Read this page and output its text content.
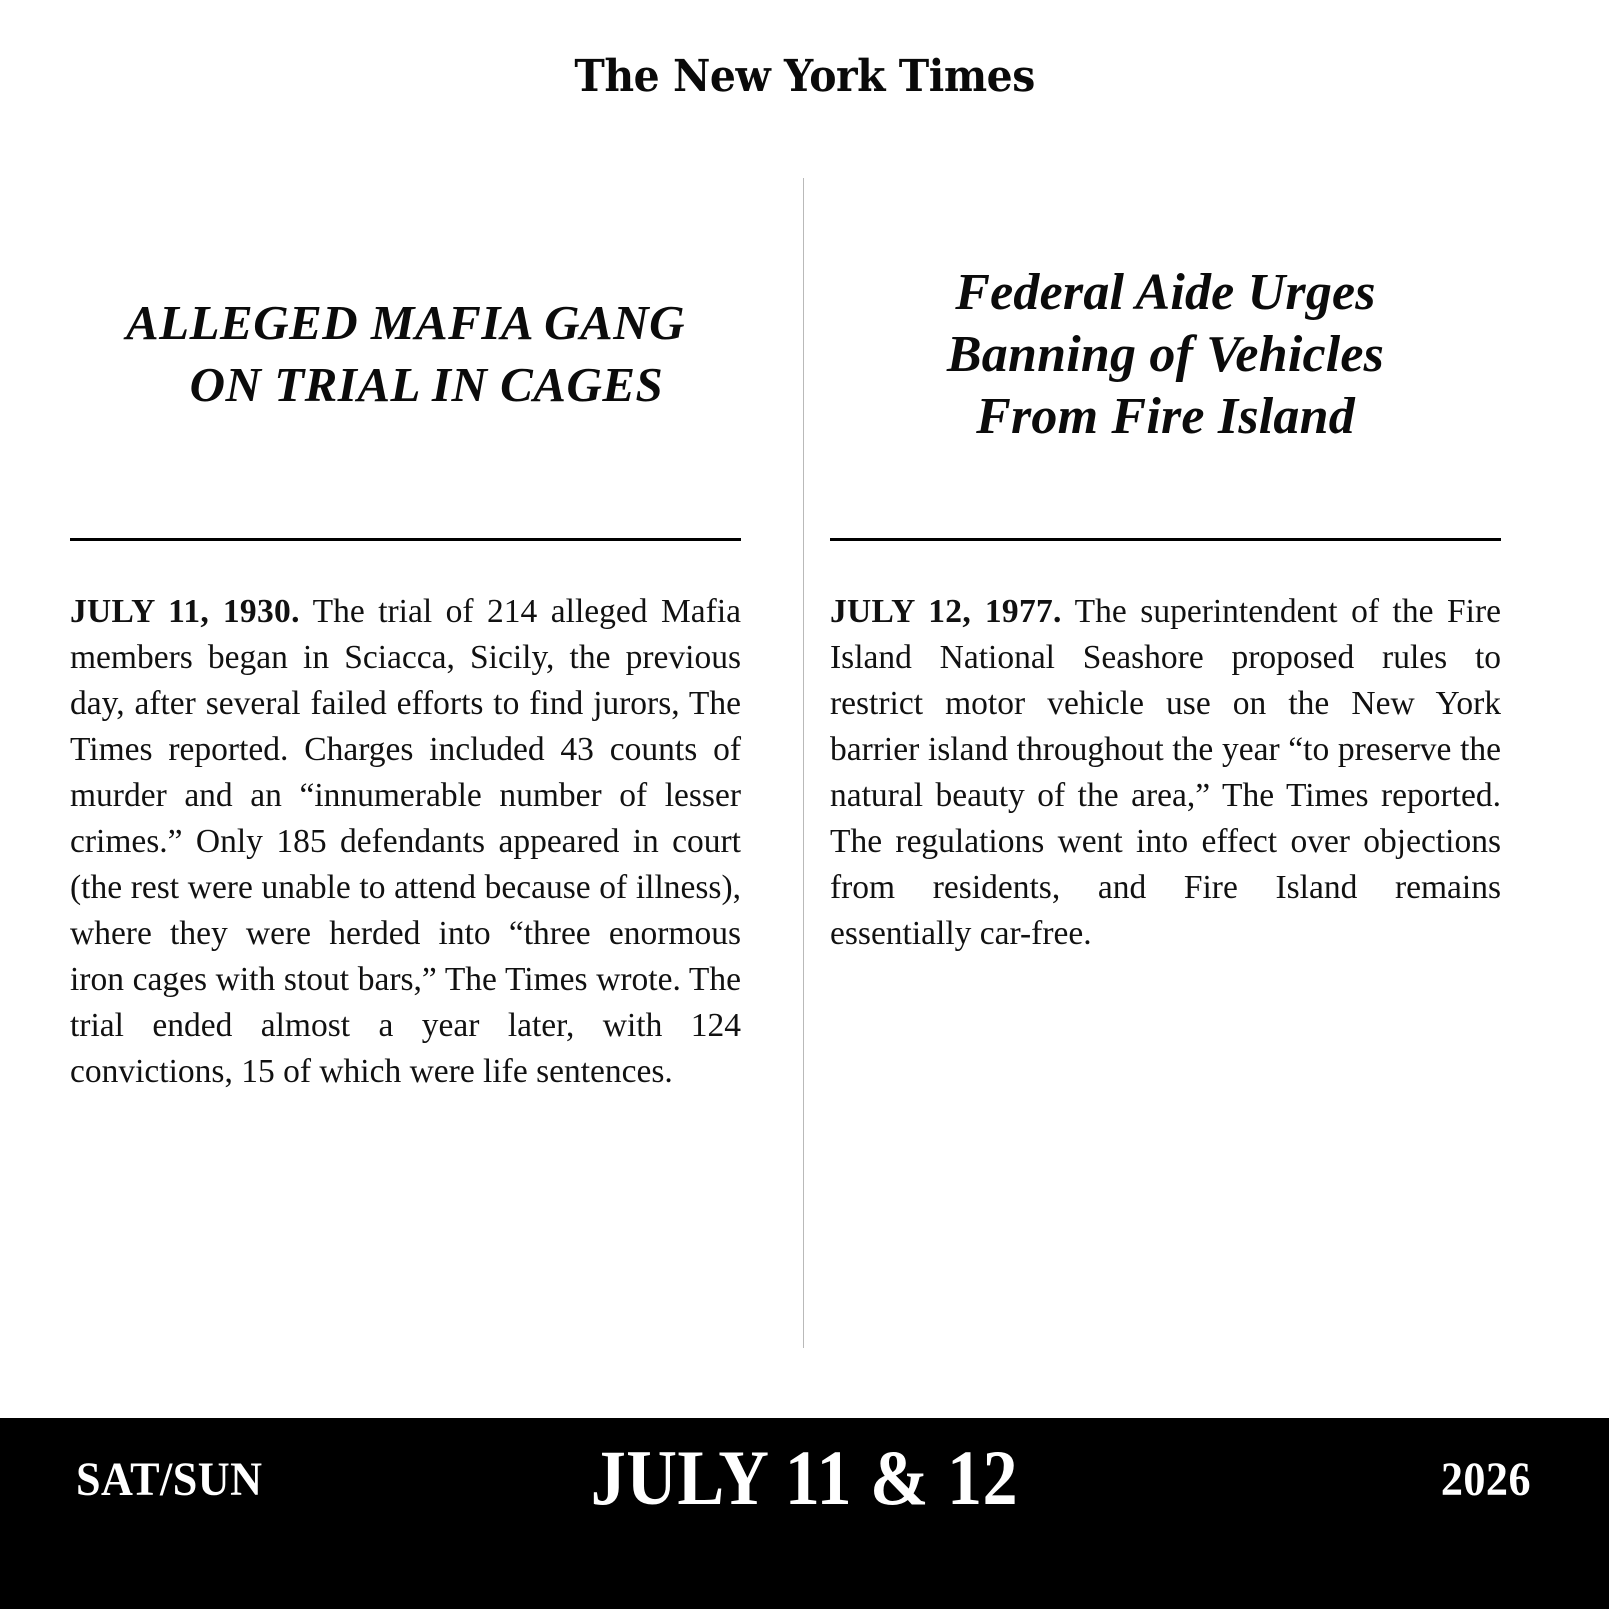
The New York Times
ALLEGED MAFIA GANG
ON TRIAL IN CAGES

JULY 11, 1930. The trial of 214 alleged Mafia members began in Sciacca, Sicily, the previous day, after several failed efforts to find jurors, The Times reported. Charges included 43 counts of murder and an “innumerable number of lesser crimes.” Only 185 defendants appeared in court (the rest were unable to attend because of illness), where they were herded into “three enormous iron cages with stout bars,” The Times wrote. The trial ended almost a year later, with 124 convictions, 15 of which were life sentences.

Federal Aide Urges
Banning of Vehicles
From Fire Island

JULY 12, 1977. The superintendent of the Fire Island National Seashore proposed rules to restrict motor vehicle use on the New York barrier island throughout the year “to preserve the natural beauty of the area,” The Times reported. The regulations went into effect over objections from residents, and Fire Island remains essentially car-free.

SAT/SUN	JULY 11 & 12	2026
